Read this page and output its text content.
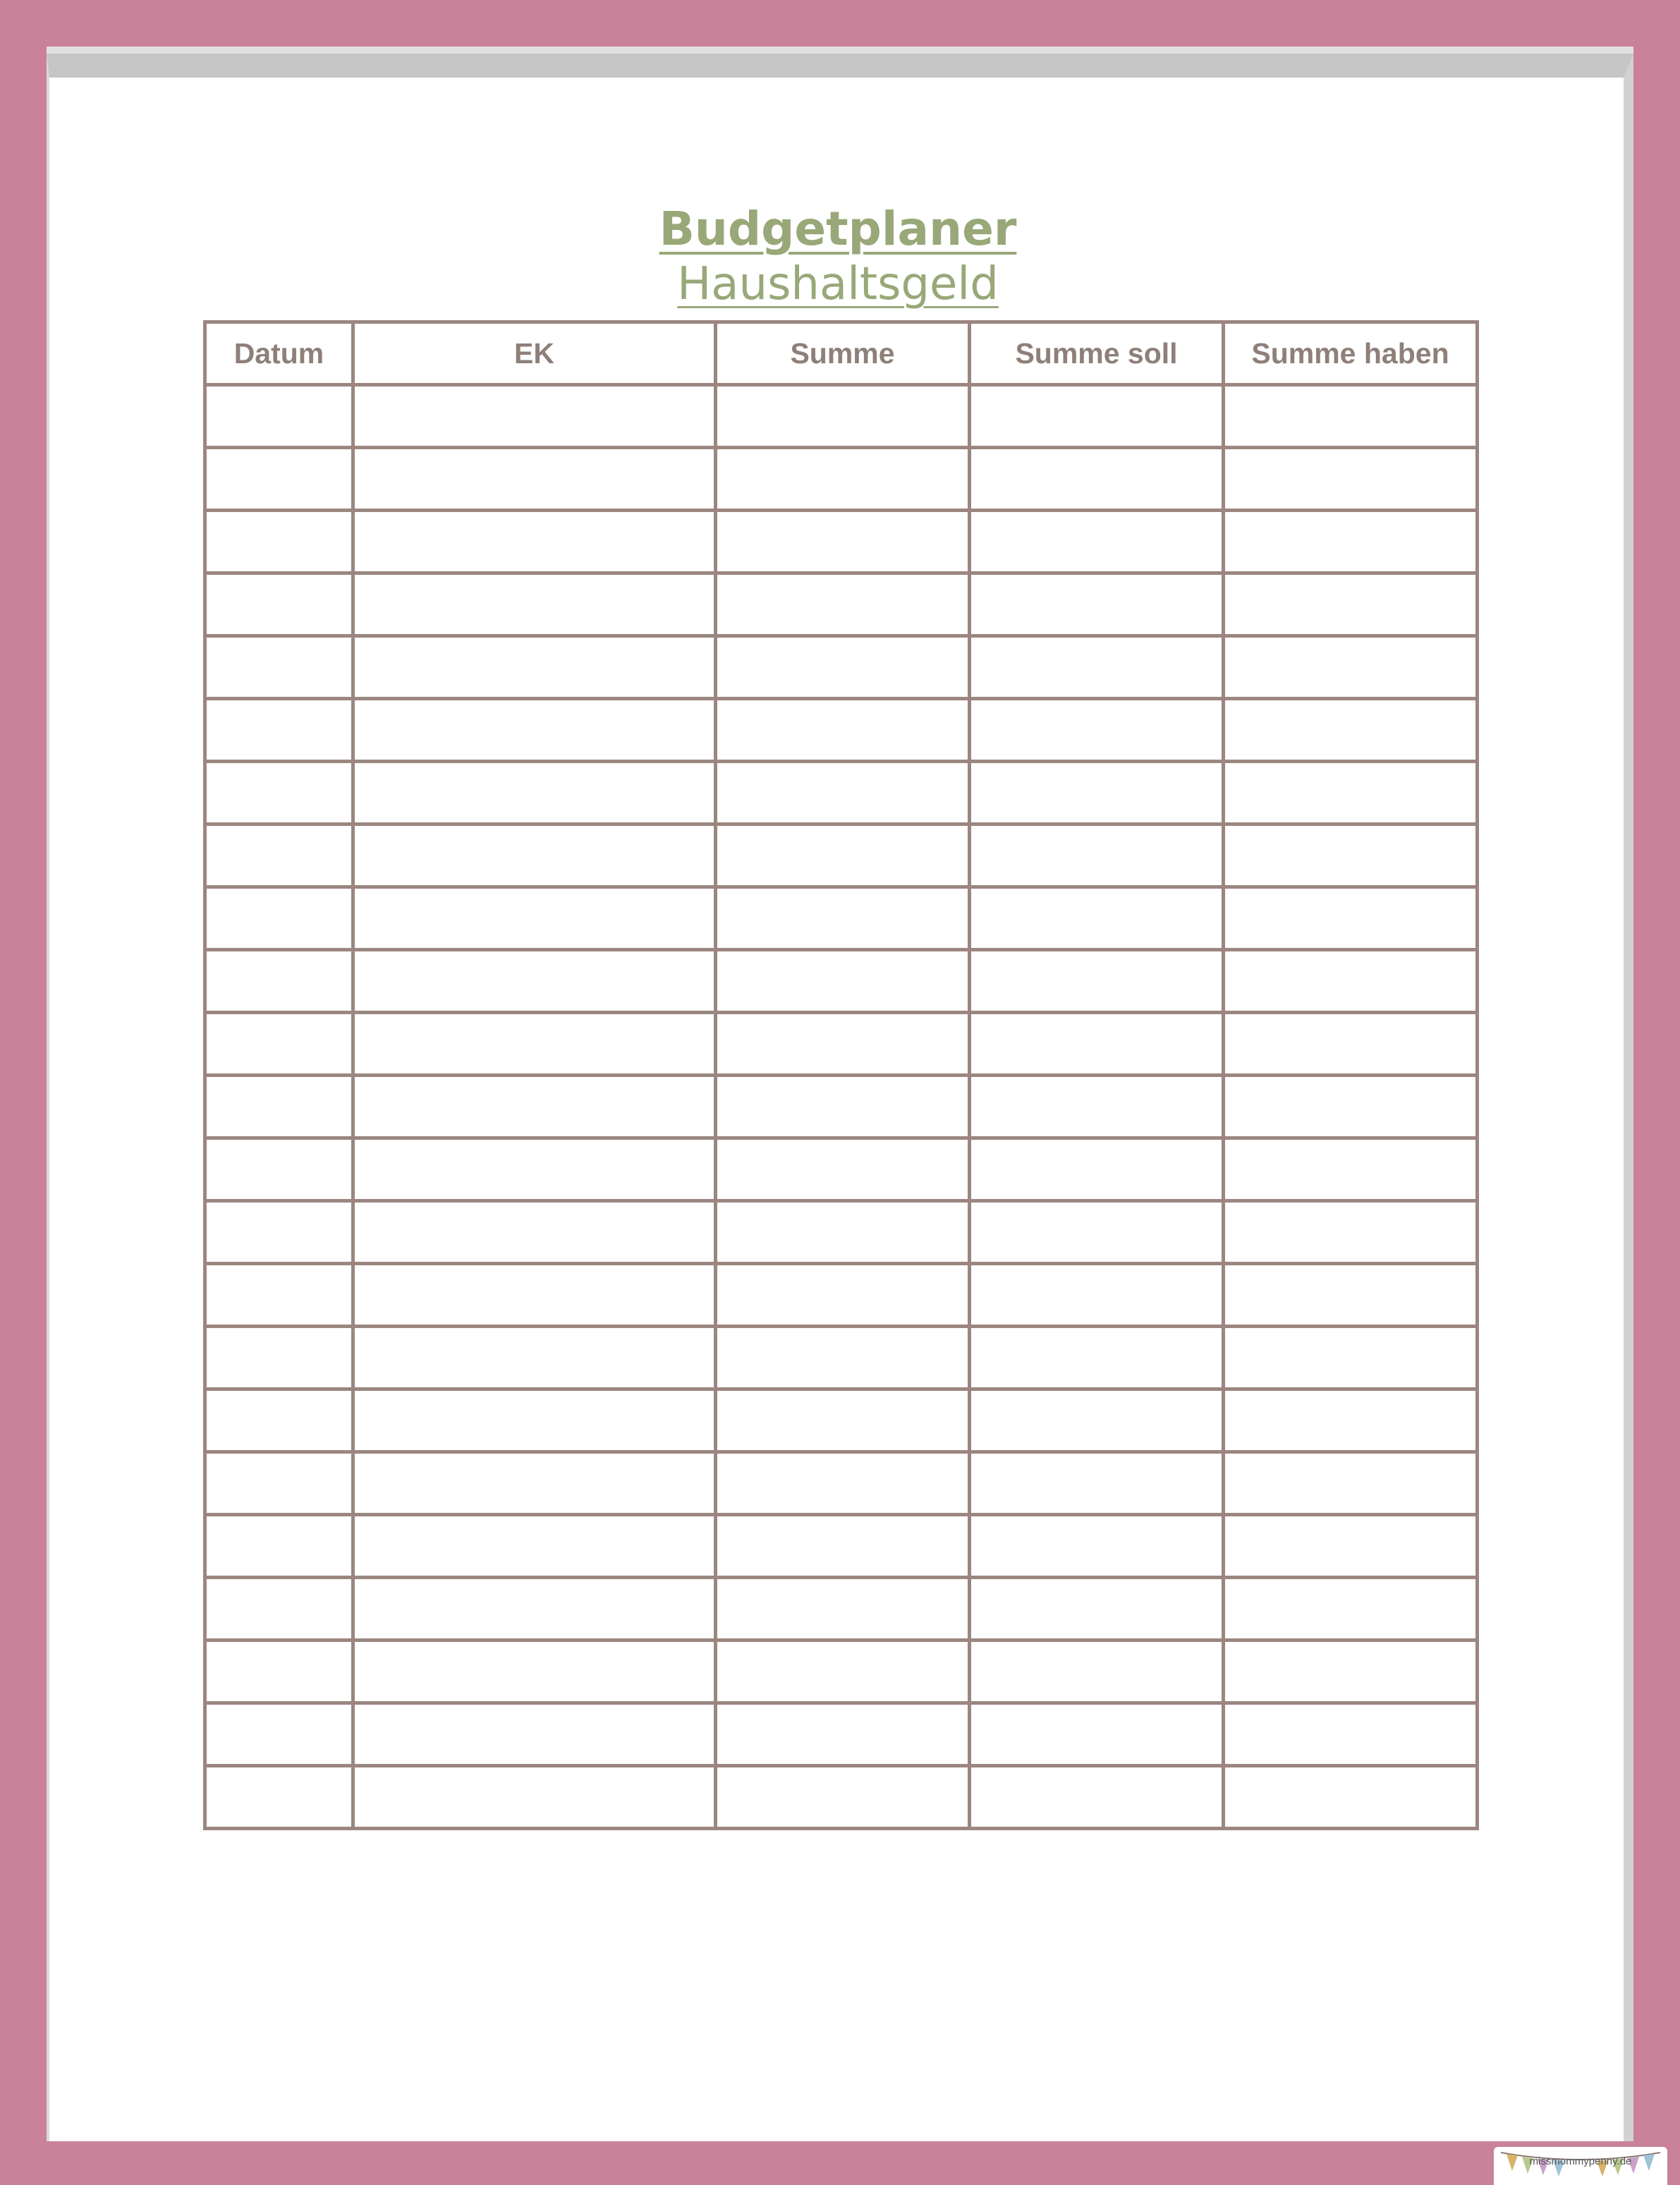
Budgetplaner
Haushaltsgeld
Datum	EK	Summe	Summe soll	Summe haben

missmommypenny.de
